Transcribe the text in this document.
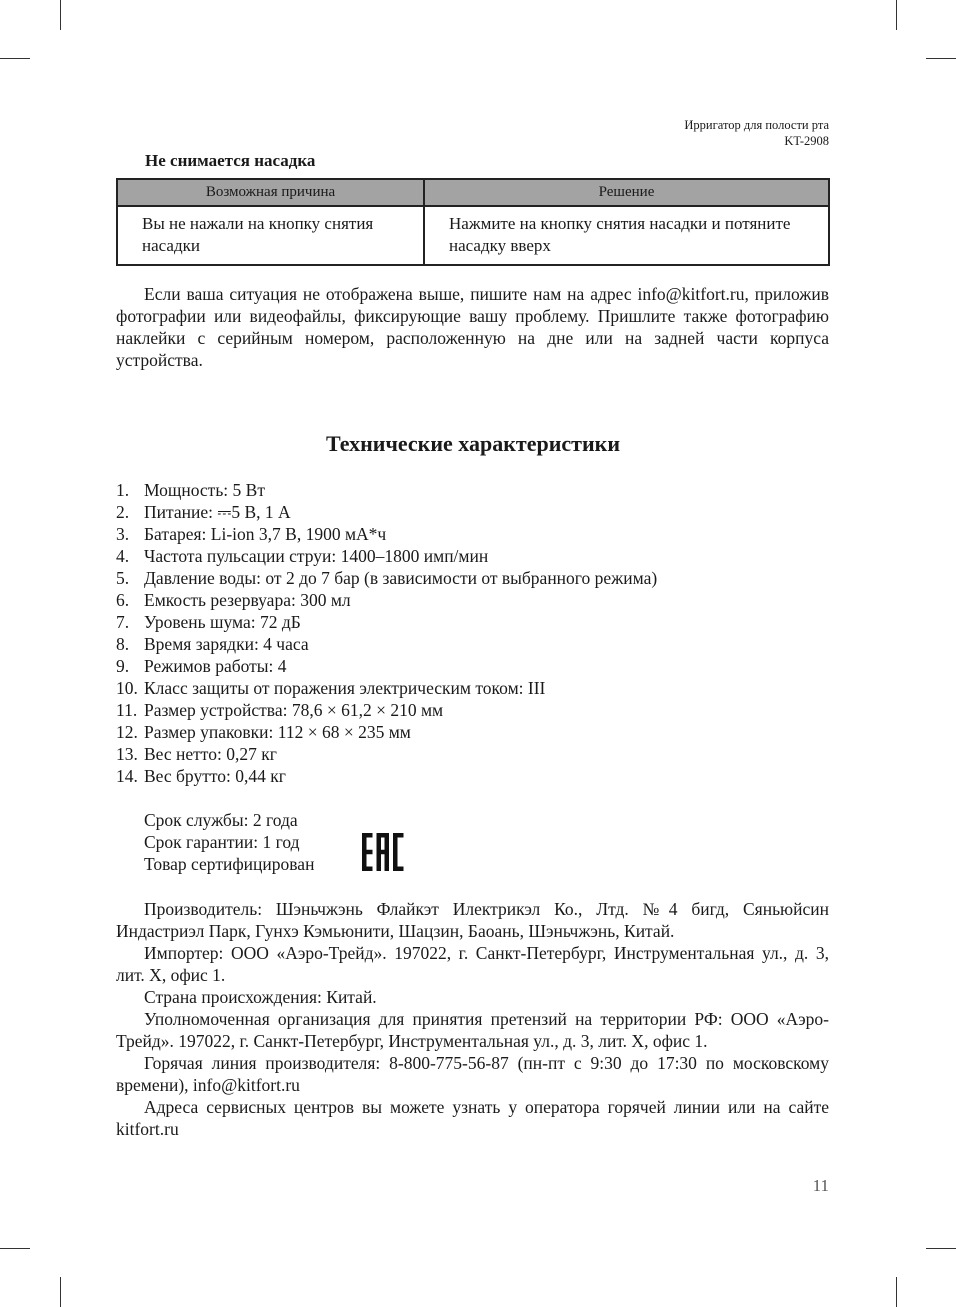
Ирригатор для полости рта
KT-2908
Не снимается насадка
Возможная причина	Решение
Вы не нажали на кнопку снятия насадки	Нажмите на кнопку снятия насадки и потяните насадку вверх

Если ваша ситуация не отображена выше, пишите нам на адрес info@kitfort.ru, приложив фотографии или видеофайлы, фиксирующие вашу проблему. Пришлите также фотографию наклейки с серийным номером, расположенную на дне или на задней части корпуса устройства.

Технические характеристики
1. Мощность: 5 Вт
2. Питание: ⎓5 В, 1 А
3. Батарея: Li-ion 3,7 В, 1900 мА*ч
4. Частота пульсации струи: 1400–1800 имп/мин
5. Давление воды: от 2 до 7 бар (в зависимости от выбранного режима)
6. Емкость резервуара: 300 мл
7. Уровень шума: 72 дБ
8. Время зарядки: 4 часа
9. Режимов работы: 4
10. Класс защиты от поражения электрическим током: III
11. Размер устройства: 78,6 × 61,2 × 210 мм
12. Размер упаковки: 112 × 68 × 235 мм
13. Вес нетто: 0,27 кг
14. Вес брутто: 0,44 кг
Срок службы: 2 года
Срок гарантии: 1 год
Товар сертифицирован

Производитель: Шэньчжэнь Флайкэт Илектрикэл Ко., Лтд. №4 бигд, Сяньюйсин Индастриэл Парк, Гунхэ Кэмьюнити, Шацзин, Баоань, Шэньчжэнь, Китай.

Импортер: ООО «Аэро-Трейд». 197022, г. Санкт-Петербург, Инструментальная ул., д. 3, лит. Х, офис 1.

Страна происхождения: Китай.

Уполномоченная организация для принятия претензий на территории РФ: ООО «Аэро-Трейд». 197022, г. Санкт-Петербург, Инструментальная ул., д. 3, лит. Х, офис 1.

Горячая линия производителя: 8-800-775-56-87 (пн-пт с 9:30 до 17:30 по московскому времени), info@kitfort.ru

Адреса сервисных центров вы можете узнать у оператора горячей линии или на сайте kitfort.ru

11
